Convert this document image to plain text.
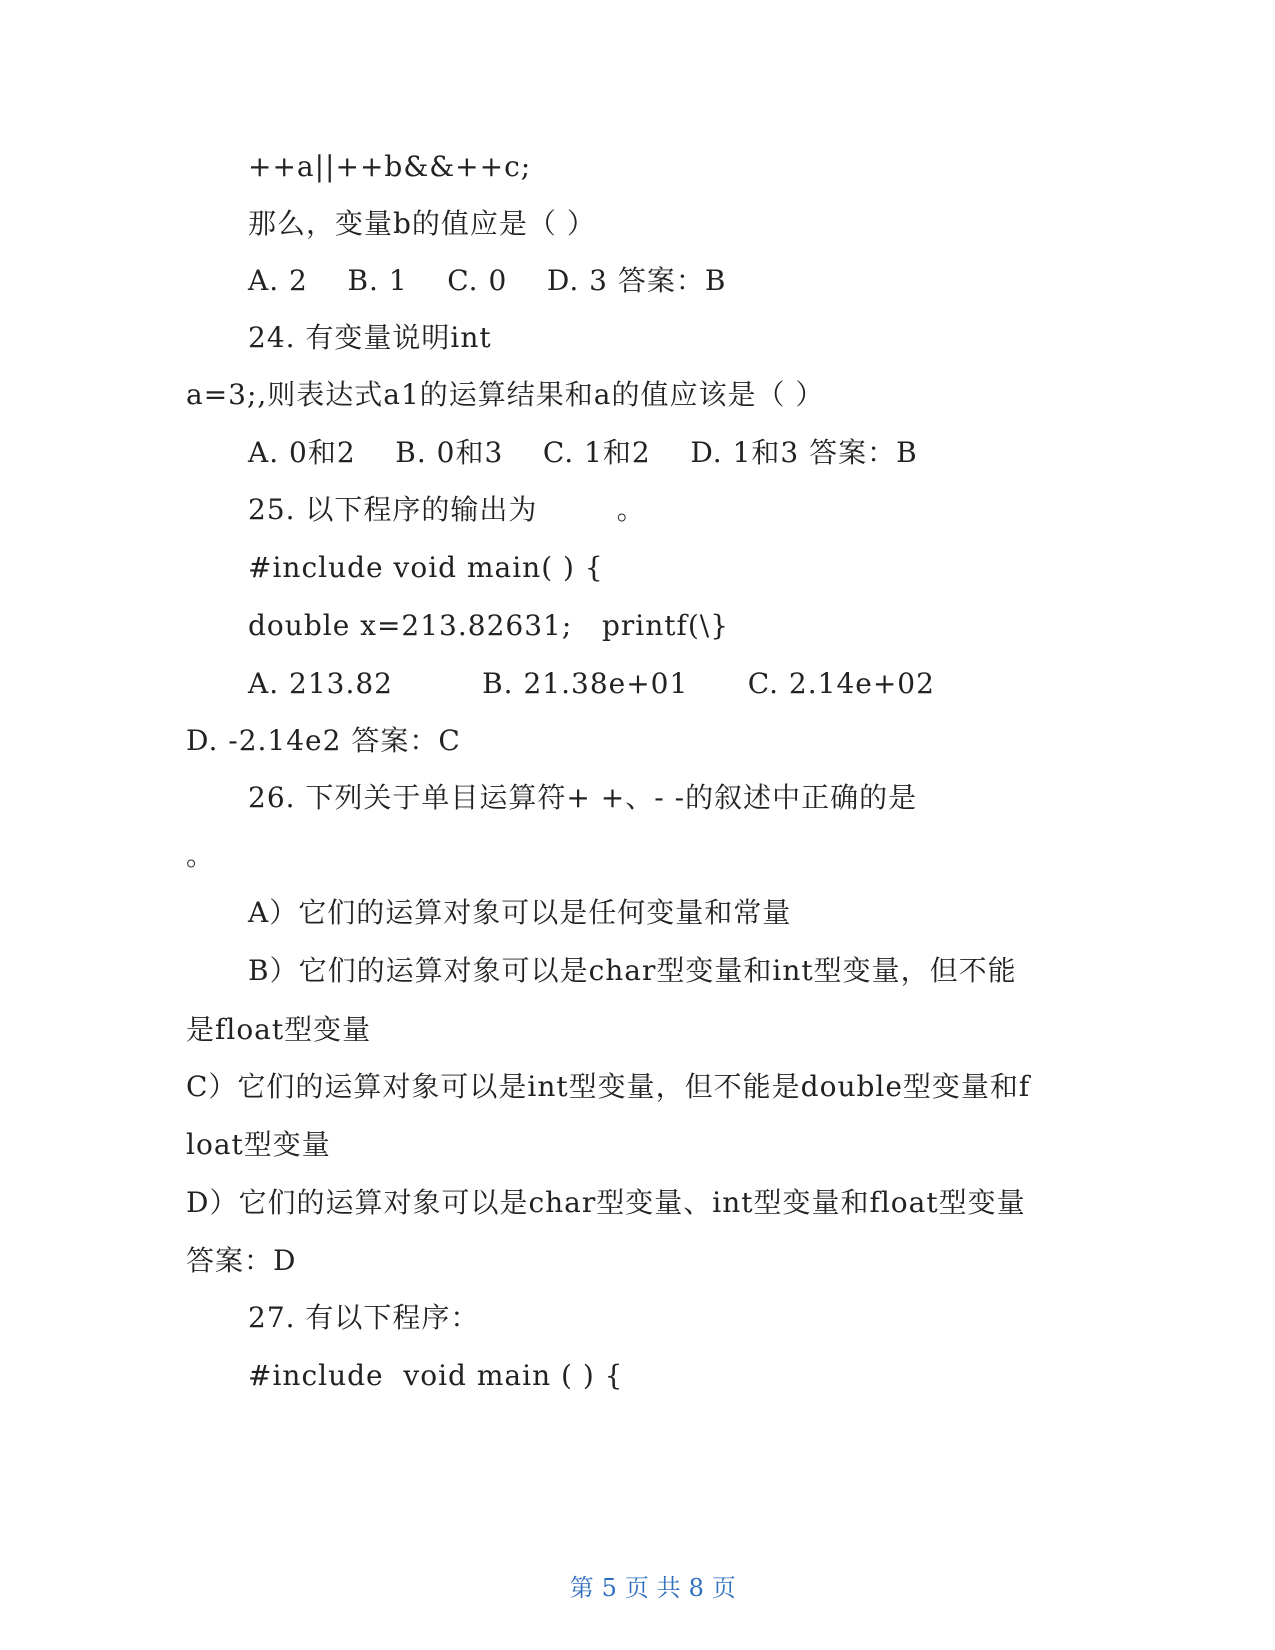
++a||++b&&++c;
那么，变量b的值应是（ ）
A. 2    B. 1    C. 0    D. 3 答案：B
24. 有变量说明int
a=3;,则表达式a1的运算结果和a的值应该是（ ）
A. 0和2    B. 0和3    C. 1和2    D. 1和3 答案：B
25. 以下程序的输出为        。
#include void main( ) {
double x=213.82631;   printf(\}
A. 213.82         B. 21.38e+01      C. 2.14e+02
D. -2.14e2 答案：C
26. 下列关于单目运算符+ +、- -的叙述中正确的是
。
A）它们的运算对象可以是任何变量和常量
B）它们的运算对象可以是char型变量和int型变量，但不能
是float型变量
C）它们的运算对象可以是int型变量，但不能是double型变量和f
loat型变量
D）它们的运算对象可以是char型变量、int型变量和float型变量
答案：D
27. 有以下程序：
#include  void main ( ) {

第 5 页 共 8 页
